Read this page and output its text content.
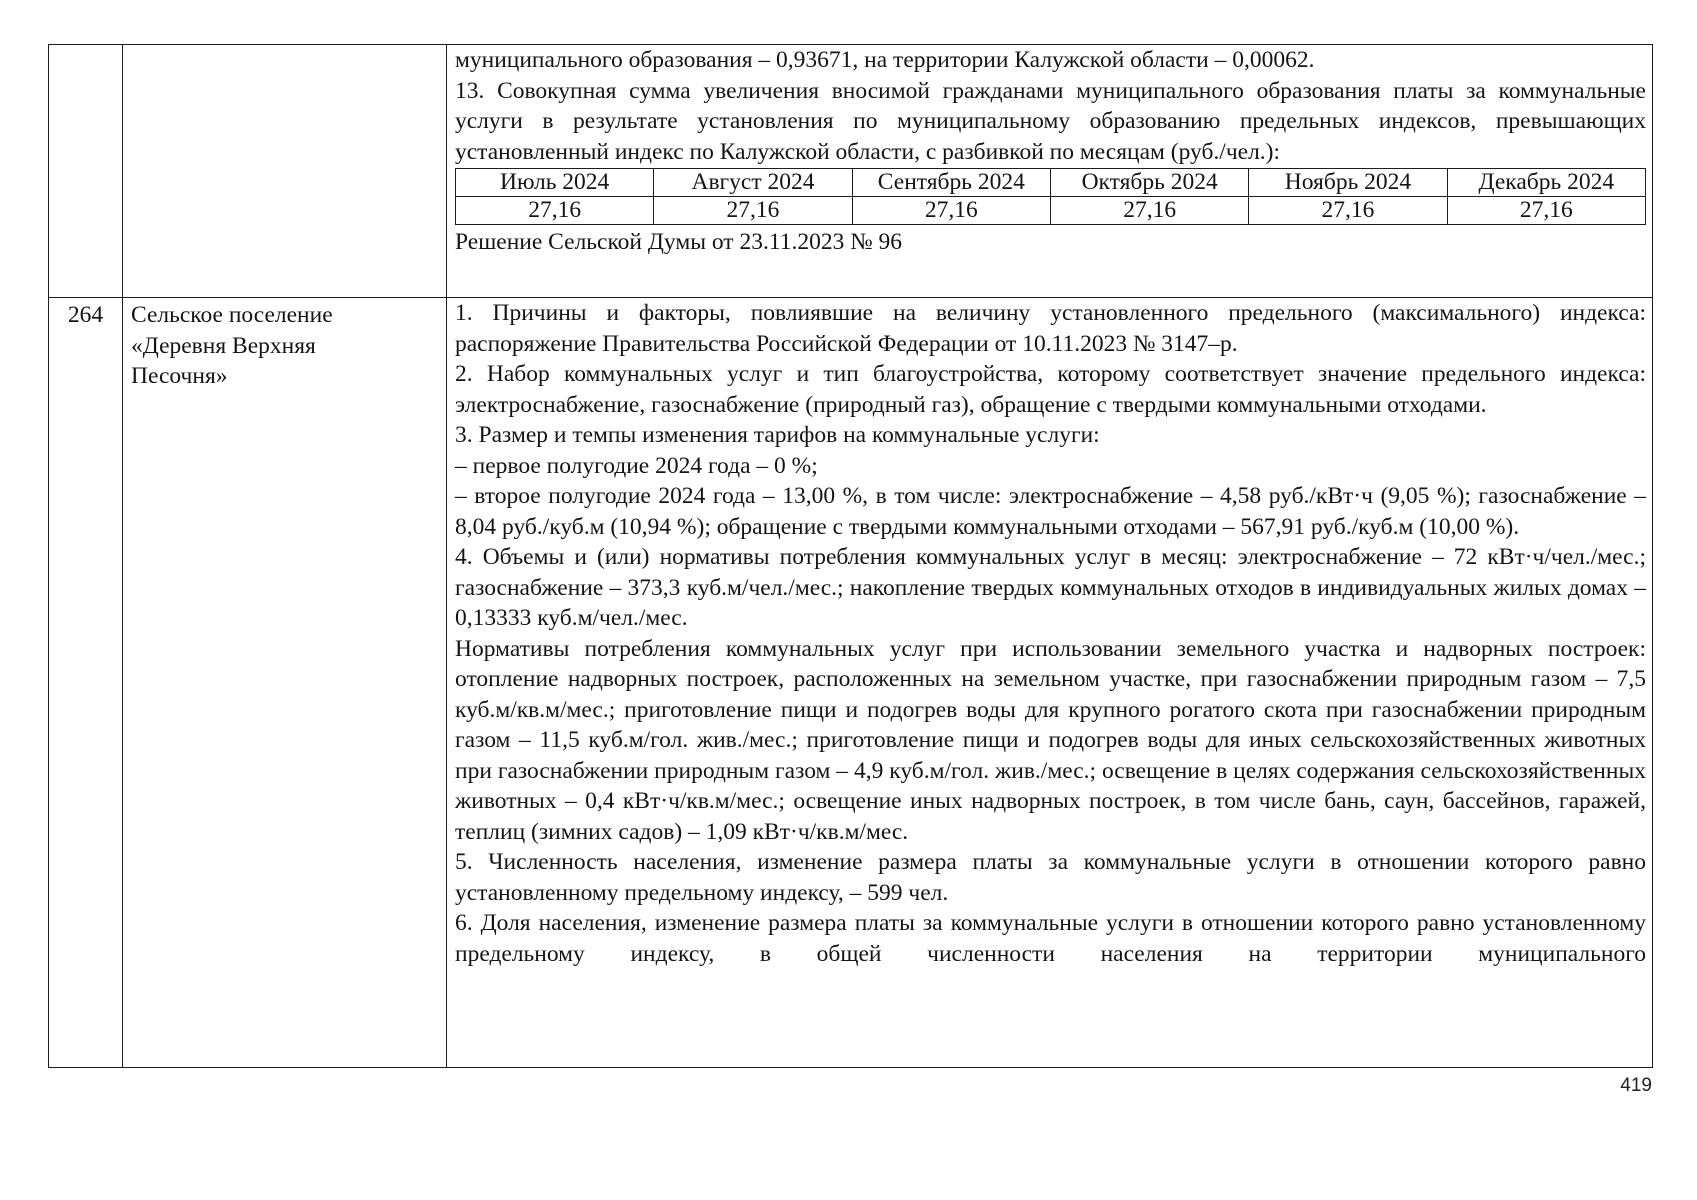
муниципального образования – 0,93671, на территории Калужской области – 0,00062.

13. Совокупная сумма увеличения вносимой гражданами муниципального образования платы за коммунальные услуги в результате установления по муниципальному образованию предельных индексов, превышающих установленный индекс по Калужской области, с разбивкой по месяцам (руб./чел.):

Июль 2024	Август 2024	Сентябрь 2024	Октябрь 2024	Ноябрь 2024	Декабрь 2024
27,16	27,16	27,16	27,16	27,16	27,16

Решение Сельской Думы от 23.11.2023 № 96

264	Сельское поселение
«Деревня Верхняя
Песочня»

1. Причины и факторы, повлиявшие на величину установленного предельного (максимального) индекса: распоряжение Правительства Российской Федерации от 10.11.2023 № 3147–р.

2. Набор коммунальных услуг и тип благоустройства, которому соответствует значение предельного индекса: электроснабжение, газоснабжение (природный газ), обращение с твердыми коммунальными отходами.

3. Размер и темпы изменения тарифов на коммунальные услуги:

– первое полугодие 2024 года – 0 %;

– второе полугодие 2024 года – 13,00 %, в том числе: электроснабжение – 4,58 руб./кВт·ч (9,05 %); газоснабжение – 8,04 руб./куб.м (10,94 %); обращение с твердыми коммунальными отходами – 567,91 руб./куб.м (10,00 %).

4. Объемы и (или) нормативы потребления коммунальных услуг в месяц: электроснабжение – 72 кВт·ч/чел./мес.; газоснабжение – 373,3 куб.м/чел./мес.; накопление твердых коммунальных отходов в индивидуальных жилых домах – 0,13333 куб.м/чел./мес.

Нормативы потребления коммунальных услуг при использовании земельного участка и надворных построек: отопление надворных построек, расположенных на земельном участке, при газоснабжении природным газом – 7,5 куб.м/кв.м/мес.; приготовление пищи и подогрев воды для крупного рогатого скота при газоснабжении природным газом – 11,5 куб.м/гол. жив./мес.; приготовление пищи и подогрев воды для иных сельскохозяйственных животных при газоснабжении природным газом – 4,9 куб.м/гол. жив./мес.; освещение в целях содержания сельскохозяйственных животных – 0,4 кВт·ч/кв.м/мес.; освещение иных надворных построек, в том числе бань, саун, бассейнов, гаражей, теплиц (зимних садов) – 1,09 кВт·ч/кв.м/мес.

5. Численность населения, изменение размера платы за коммунальные услуги в отношении которого равно установленному предельному индексу, – 599 чел.

6. Доля населения, изменение размера платы за коммунальные услуги в отношении которого равно установленному предельному индексу, в общей численности населения на территории муниципального

419
